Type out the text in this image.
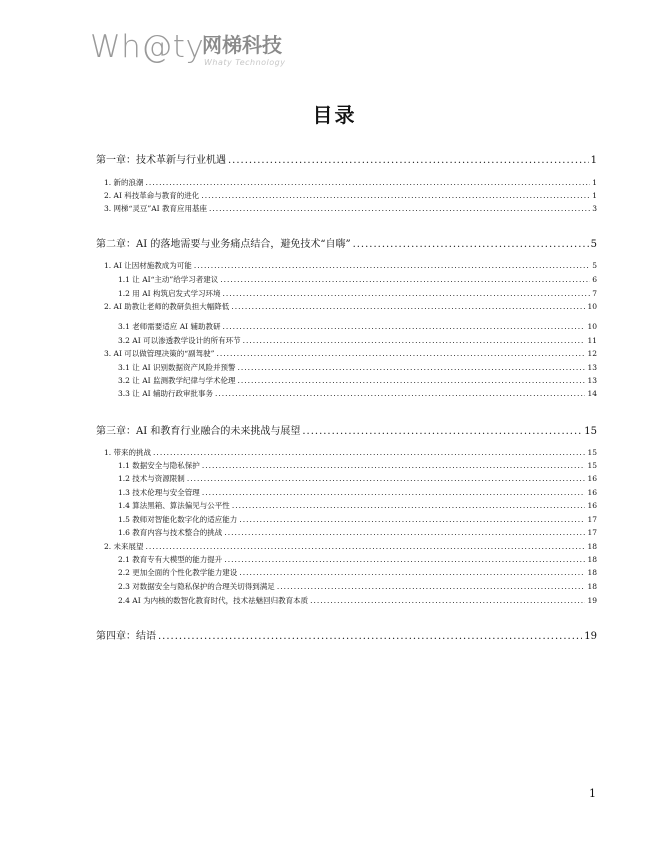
Wh@ty
网梯科技
Whaty Technology
目录
第一章：技术革新与行业机遇 .....	1
1. 新的浪潮 .....	1
2. AI 科技革命与教育的进化 .....	1
3. 网梯“灵豆”AI 教育应用基座 .....	3
第二章：AI 的落地需要与业务痛点结合，避免技术“自嗨” .....	5
1. AI 让因材施教成为可能 .....	5
1.1 让 AI“主动”给学习者建议 .....	6
1.2 用 AI 构筑启发式学习环境 .....	7
2. AI 助教让老师的教研负担大幅降低 .....	10
3.1 老师需要适应 AI 辅助教研 .....	10
3.2 AI 可以渗透教学设计的所有环节 .....	11
3. AI 可以做管理决策的“副驾驶” .....	12
3.1 让 AI 识别数据资产风险并预警 .....	13
3.2 让 AI 监测教学纪律与学术伦理 .....	13
3.3 让 AI 辅助行政审批事务 .....	14
第三章：AI 和教育行业融合的未来挑战与展望 .....	15
1. 带来的挑战 .....	15
1.1 数据安全与隐私保护 .....	15
1.2 技术与资源限制 .....	16
1.3 技术伦理与安全管理 .....	16
1.4 算法黑箱、算法偏见与公平性 .....	16
1.5 教师对智能化数字化的适应能力 .....	17
1.6 教育内容与技术整合的挑战 .....	17
2. 未来展望 .....	18
2.1 教育专有大模型的能力提升 .....	18
2.2 更加全面的个性化教学能力建设 .....	18
2.3 对数据安全与隐私保护的合理关切得到满足 .....	18
2.4 AI 为内核的数智化教育时代，技术祛魅回归教育本质 .....	19
第四章：结语 .....	19
1
